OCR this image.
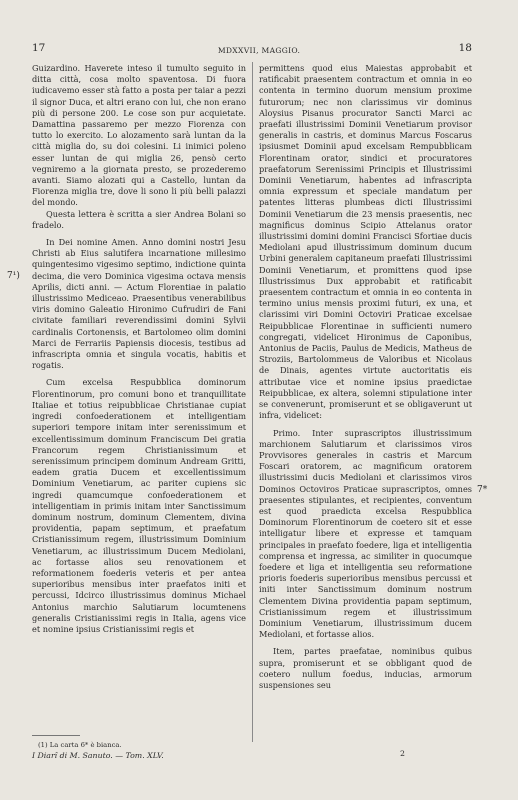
17	MDXXVII, MAGGIO.	18
7¹)
7*

Guizardino. Haverete inteso il tumulto seguito in ditta città, cosa molto spaventosa. Di fuora iudicavemo esser stà fatto a posta per taiar a pezzi il signor Duca, et altri erano con lui, che non erano più di persone 200. Le cose son pur acquietate. Damattina passaremo per mezzo Fiorenza con tutto lo exercito. Lo alozamento sarà luntan da la città miglia do, su doi colesini. Li inimici poleno esser luntan de qui miglia 26, pensò certo vegniremo a la giornata presto, se prozederemo avanti. Siamo alozati qui a Castello, luntan da Fiorenza miglia tre, dove li sono li più belli palazzi del mondo.

Questa lettera è scritta a sier Andrea Bolani so fradelo.

In Dei nomine Amen. Anno domini nostri Jesu Christi ab Eius salutifera incarnatione millesimo quingentesimo vigesimo septimo, indictione quinta decima, die vero Dominica vigesima octava mensis Aprilis, dicti anni. — Actum Florentiae in palatio illustrissimo Mediceao. Praesentibus venerabilibus viris domino Galeatio Hironimo Cufrudiri de Fani civitate familiari reverendissimi domini Sylvii cardinalis Cortonensis, et Bartolomeo olim domini Marci de Ferrariis Papiensis diocesis, testibus ad infrascripta omnia et singula vocatis, habitis et rogatis.

Cum excelsa Respubblica dominorum Florentinorum, pro comuni bono et tranquillitate Italiae et totius reipubblicae Christianae cupiat ingredi confoederationem et intelligentiam superiori tempore initam inter serenissimum et excellentissimum dominum Franciscum Dei gratia Francorum regem Christianissimum et serenissimum principem dominum Andream Gritti, eadem gratia Ducem et excellentissimum Dominium Venetiarum, ac pariter cupiens sic ingredi quamcumque confoederationem et intelligentiam in primis initam inter Sanctissimum dominum nostrum, dominum Clementem, divina providentia, papam septimum, et praefatum Cristianissimum regem, illustrissimum Dominium Venetiarum, ac illustrissimum Ducem Mediolani, ac fortasse alios seu renovationem et reformationem foederis veteris et per antea superioribus mensibus inter praefatos initi et percussi, Idcirco illustrissimus dominus Michael Antonius marchio Salutiarum locumtenens generalis Cristianissimi regis in Italia, agens vice et nomine ipsius Cristianissimi regis et

permittens quod eius Maiestas approbabit et ratificabit praesentem contractum et omnia in eo contenta in termino duorum mensium proxime futurorum; nec non clarissimus vir dominus Aloysius Pisanus procurator Sancti Marci ac praefati illustrissimi Dominii Venetiarum provisor generalis in castris, et dominus Marcus Foscarus ipsiusmet Dominii apud excelsam Rempubblicam Florentinam orator, sindici et procuratores praefatorum Serenissimi Principis et Illustrissimi Dominii Venetiarum, habentes ad infrascripta omnia expressum et speciale mandatum per patentes litteras plumbeas dicti Illustrissimi Dominii Venetiarum die 23 mensis praesentis, nec magnificus dominus Scipio Attelanus orator illustrissimi domini domini Francisci Sfortiae ducis Mediolani apud illustrissimum dominum ducum Urbini generalem capitaneum praefati Illustrissimi Dominii Venetiarum, et promittens quod ipse Illustrissimus Dux approbabit et ratificabit praesentem contractum et omnia in eo contenta in termino unius mensis proximi futuri, ex una, et clarissimi viri Domini Octoviri Praticae excelsae Reipubblicae Florentinae in sufficienti numero congregati, videlicet Hironimus de Caponibus, Antonius de Paciis, Paulus de Medicis, Matheus de Stroziis, Bartolommeus de Valoribus et Nicolaus de Dinais, agentes virtute auctoritatis eis attributae vice et nomine ipsius praedictae Reipubblicae, ex altera, solemni stipulatione inter se convenerunt, promiserunt et se obligaverunt ut infra, videlicet:

Primo. Inter suprascriptos illustrissimum marchionem Salutiarum et clarissimos viros Provvisores generales in castris et Marcum Foscari oratorem, ac magnificum oratorem illustrissimi ducis Mediolani et clarissimos viros Dominos Octoviros Praticae suprascriptos, omnes praesentes stipulantes, et recipientes, conventum est quod praedicta excelsa Respubblica Dominorum Florentinorum de coetero sit et esse intelligatur libere et expresse et tamquam principales in praefato foedere, liga et intelligentia comprensa et ingressa, ac similiter in quocumque foedere et liga et intelligentia seu reformatione prioris foederis superioribus mensibus percussi et initi inter Sanctissimum dominum nostrum Clementem Divina providentia papam septimum, Cristianissimum regem et illustrissimum Dominium Venetiarum, illustrissimum ducem Mediolani, et fortasse alios.

Item, partes praefatae, nominibus quibus supra, promiserunt et se obbligant quod de coetero nullum foedus, inducias, armorum suspensiones seu

(1) La carta 6* è bianca.
I Diarî di M. Sanuto. — Tom. XLV.	2
